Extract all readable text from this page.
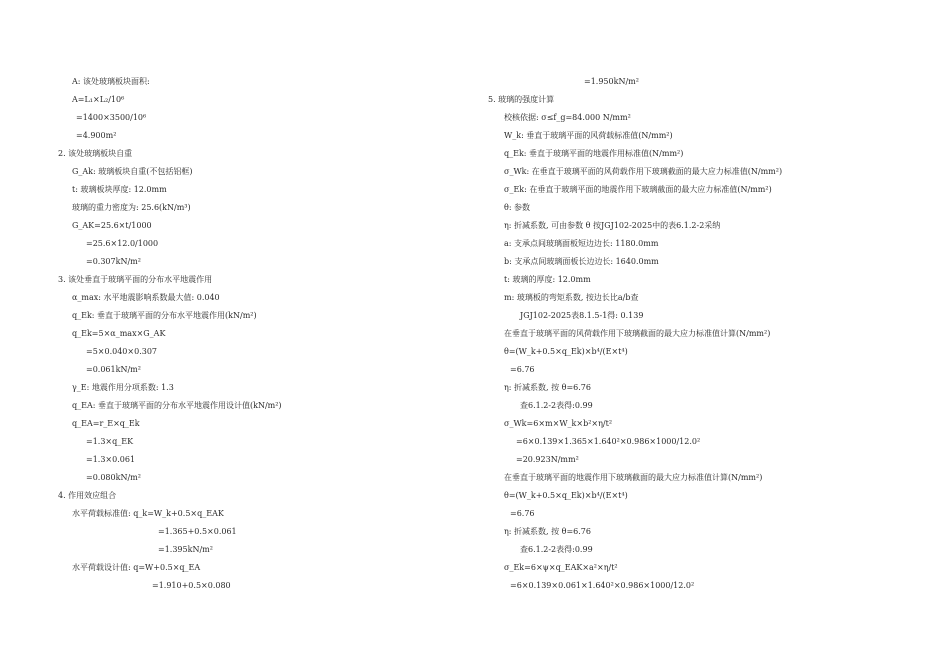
A: 该处玻璃板块面积:
A=L₁×L₂/10⁶
=1400×3500/10⁶
=4.900m²
2. 该处玻璃板块自重
G_Ak: 玻璃板块自重(不包括铝框)
t: 玻璃板块厚度: 12.0mm
玻璃的重力密度为: 25.6(kN/m³)
G_AK=25.6×t/1000
=25.6×12.0/1000
=0.307kN/m²
3. 该处垂直于玻璃平面的分布水平地震作用
α_max: 水平地震影响系数最大值: 0.040
q_Ek: 垂直于玻璃平面的分布水平地震作用(kN/m²)
q_Ek=5×α_max×G_AK
=5×0.040×0.307
=0.061kN/m²
γ_E: 地震作用分项系数: 1.3
q_EA: 垂直于玻璃平面的分布水平地震作用设计值(kN/m²)
q_EA=r_E×q_Ek
=1.3×q_EK
=1.3×0.061
=0.080kN/m²
4. 作用效应组合
水平荷载标准值: q_k=W_k+0.5×q_EAK
=1.365+0.5×0.061
=1.395kN/m²
水平荷载设计值: q=W+0.5×q_EA
=1.910+0.5×0.080
=1.950kN/m²
5. 玻璃的强度计算
校核依据: σ≤f_g=84.000 N/mm²
W_k: 垂直于玻璃平面的风荷载标准值(N/mm²)
q_Ek: 垂直于玻璃平面的地震作用标准值(N/mm²)
σ_Wk: 在垂直于玻璃平面的风荷载作用下玻璃截面的最大应力标准值(N/mm²)
σ_Ek: 在垂直于玻璃平面的地震作用下玻璃截面的最大应力标准值(N/mm²)
θ: 参数
η: 折减系数, 可由参数 θ 按JGJ102-2025中的表6.1.2-2采纳
a: 支承点间玻璃面板短边边长: 1180.0mm
b: 支承点间玻璃面板长边边长: 1640.0mm
t: 玻璃的厚度: 12.0mm
m: 玻璃板的弯矩系数, 按边长比a/b查
JGJ102-2025表8.1.5-1得: 0.139
在垂直于玻璃平面的风荷载作用下玻璃截面的最大应力标准值计算(N/mm²)
θ=(W_k+0.5×q_Ek)×b⁴/(E×t⁴)
=6.76
η: 折减系数, 按 θ=6.76
查6.1.2-2表得:0.99
σ_Wk=6×m×W_k×b²×η/t²
=6×0.139×1.365×1.640²×0.986×1000/12.0²
=20.923N/mm²
在垂直于玻璃平面的地震作用下玻璃截面的最大应力标准值计算(N/mm²)
θ=(W_k+0.5×q_Ek)×b⁴/(E×t⁴)
=6.76
η: 折减系数, 按 θ=6.76
查6.1.2-2表得:0.99
σ_Ek=6×ψ×q_EAK×a²×η/t²
=6×0.139×0.061×1.640²×0.986×1000/12.0²
